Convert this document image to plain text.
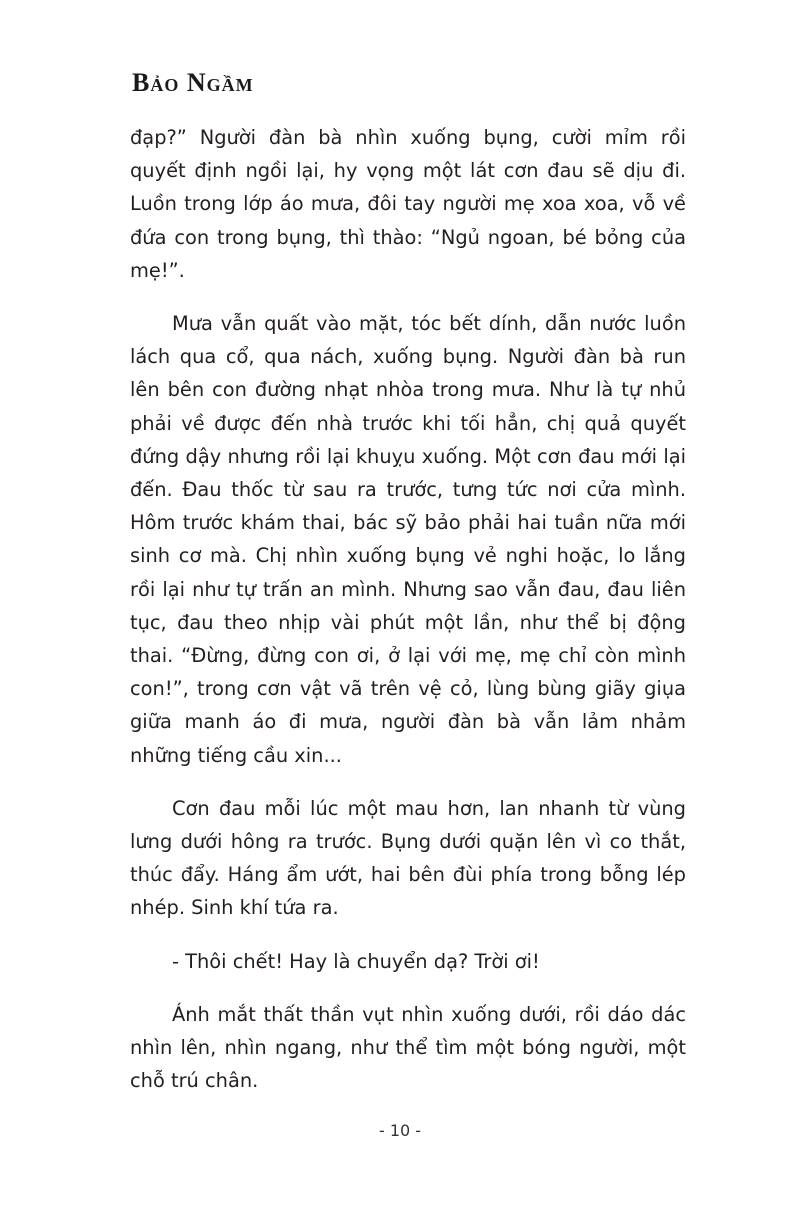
Bảo Ngầm

đạp?” Người đàn bà nhìn xuống bụng, cười mỉm rồi quyết định ngồi lại, hy vọng một lát cơn đau sẽ dịu đi. Luồn trong lớp áo mưa, đôi tay người mẹ xoa xoa, vỗ về đứa con trong bụng, thì thào: “Ngủ ngoan, bé bỏng của mẹ!”.

Mưa vẫn quất vào mặt, tóc bết dính, dẫn nước luồn lách qua cổ, qua nách, xuống bụng. Người đàn bà run lên bên con đường nhạt nhòa trong mưa. Như là tự nhủ phải về được đến nhà trước khi tối hẳn, chị quả quyết đứng dậy nhưng rồi lại khuỵu xuống. Một cơn đau mới lại đến. Đau thốc từ sau ra trước, tưng tức nơi cửa mình. Hôm trước khám thai, bác sỹ bảo phải hai tuần nữa mới sinh cơ mà. Chị nhìn xuống bụng vẻ nghi hoặc, lo lắng rồi lại như tự trấn an mình. Nhưng sao vẫn đau, đau liên tục, đau theo nhịp vài phút một lần, như thể bị động thai. “Đừng, đừng con ơi, ở lại với mẹ, mẹ chỉ còn mình con!”, trong cơn vật vã trên vệ cỏ, lùng bùng giãy giụa giữa manh áo đi mưa, người đàn bà vẫn lảm nhảm những tiếng cầu xin...

Cơn đau mỗi lúc một mau hơn, lan nhanh từ vùng lưng dưới hông ra trước. Bụng dưới quặn lên vì co thắt, thúc đẩy. Háng ẩm ướt, hai bên đùi phía trong bỗng lép nhép. Sinh khí tứa ra.

- Thôi chết! Hay là chuyển dạ? Trời ơi!

Ánh mắt thất thần vụt nhìn xuống dưới, rồi dáo dác nhìn lên, nhìn ngang, như thể tìm một bóng người, một chỗ trú chân.

- 10 -
